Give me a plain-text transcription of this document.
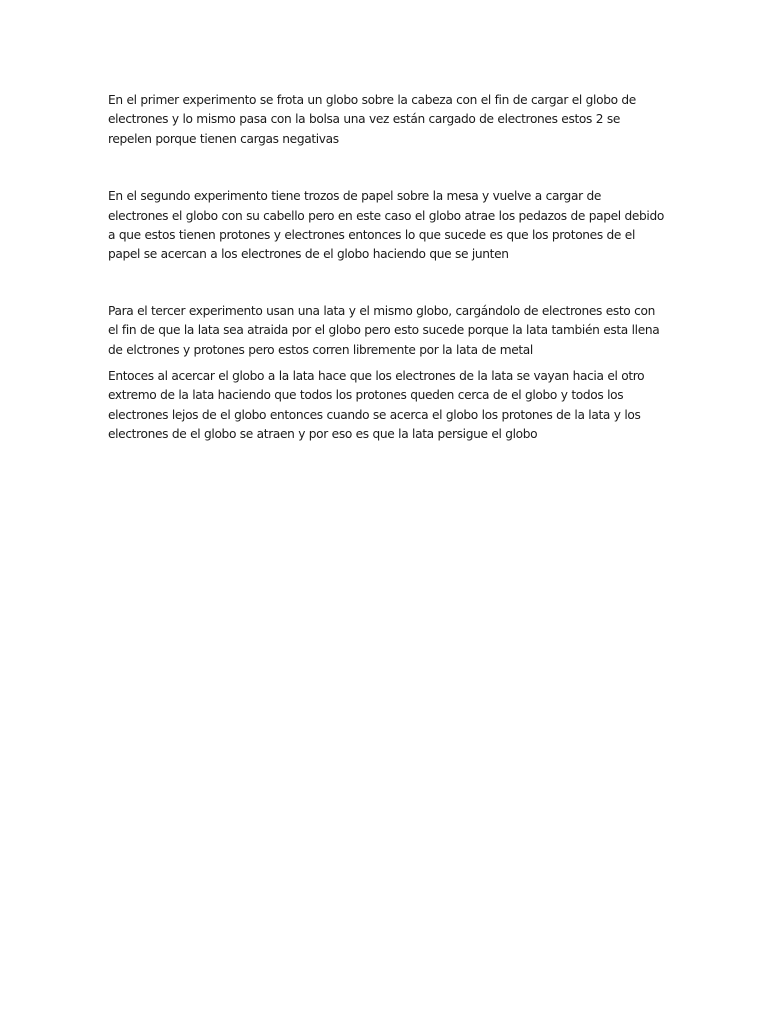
En el primer experimento se frota un globo sobre la cabeza con el fin de cargar el globo de electrones y lo mismo pasa con la bolsa una vez están cargado de electrones estos 2 se repelen porque tienen cargas negativas

En el segundo experimento tiene trozos de papel sobre la mesa y vuelve a cargar de electrones el globo con su cabello pero en este caso el globo atrae los pedazos de papel debido a que estos tienen protones y electrones entonces lo que sucede es que los protones de el papel se acercan a los electrones de el globo haciendo que se junten

Para el tercer experimento usan una lata y el mismo globo, cargándolo de electrones esto con el fin de que la lata sea atraida por el globo pero esto sucede porque la lata también esta llena de elctrones y protones pero estos corren libremente por la lata de metal

Entoces al acercar el globo a la lata hace que los electrones de la lata se vayan hacia el otro extremo de la lata haciendo que todos los protones queden cerca de el globo y todos los electrones lejos de el globo entonces cuando se acerca el globo los protones de la lata y los electrones de el globo se atraen y por eso es que la lata persigue el globo
